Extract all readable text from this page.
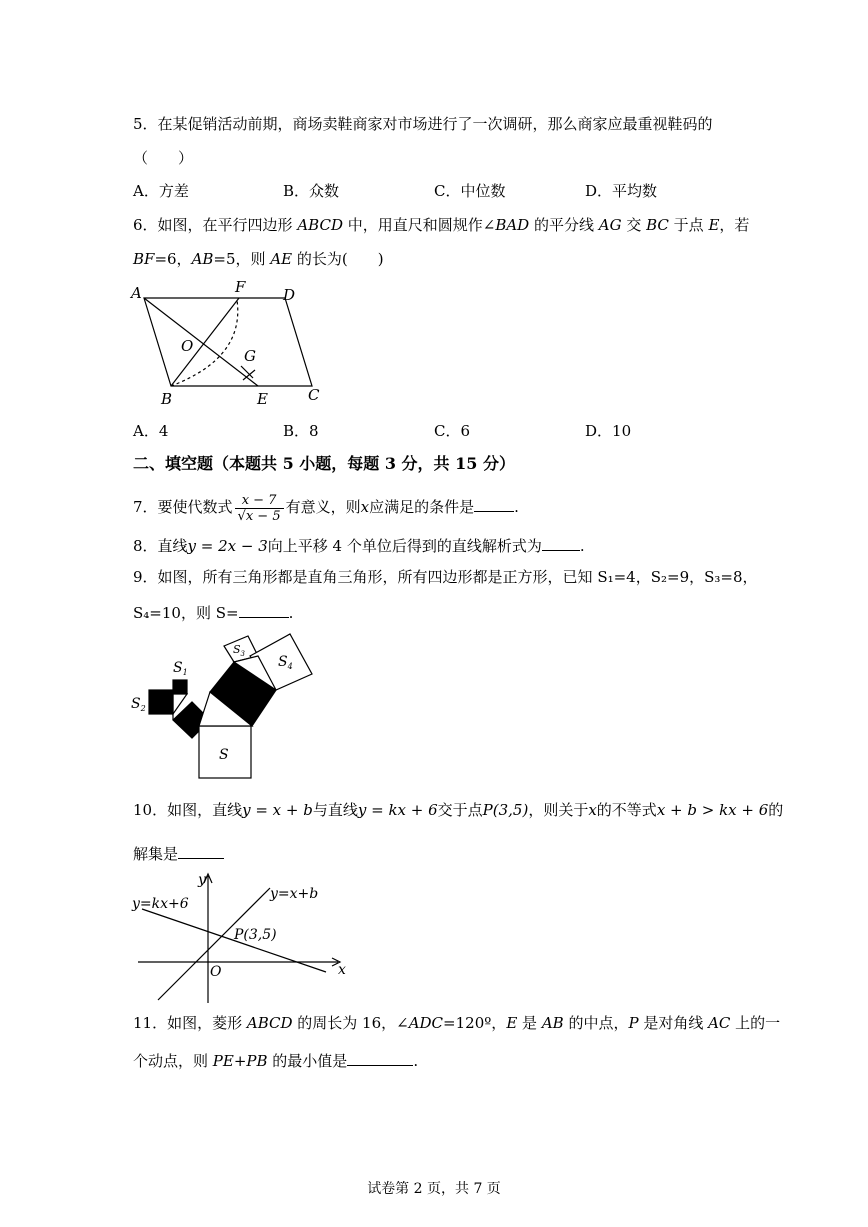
5．在某促销活动前期，商场卖鞋商家对市场进行了一次调研，那么商家应最重视鞋码的
（　　）
A．方差	B．众数	C．中位数	D．平均数
6．如图，在平行四边形 ABCD 中，用直尺和圆规作∠BAD 的平分线 AG 交 BC 于点 E，若
BF=6，AB=5，则 AE 的长为(　　)
A	F	D
O
G
B	E	C
A．4	B．8	C．6	D．10
二、填空题（本题共 5 小题，每题 3 分，共 15 分）
7．要使代数式 $\frac{x - 7}{√x - 5}$ 有意义，则x应满足的条件是	.
8．直线y = 2x − 3向上平移 4 个单位后得到的直线解析式为	.
9．如图，所有三角形都是直角三角形，所有四边形都是正方形，已知 S₁=4，S₂=9，S₃=8，
S₄=10，则 S=	.
$S_1$
$S_2$
$S_3$ $S_4$
S
10．如图，直线y = x + b与直线y = kx + 6交于点P(3,5)，则关于x的不等式x + b > kx + 6的
解集是
y
x
O
y=kx+6
y=x+b
P(3,5)
11．如图，菱形 ABCD 的周长为 16，∠ADC=120º，E 是 AB 的中点，P 是对角线 AC 上的一
个动点，则 PE+PB 的最小值是	.
试卷第 2 页，共 7 页
